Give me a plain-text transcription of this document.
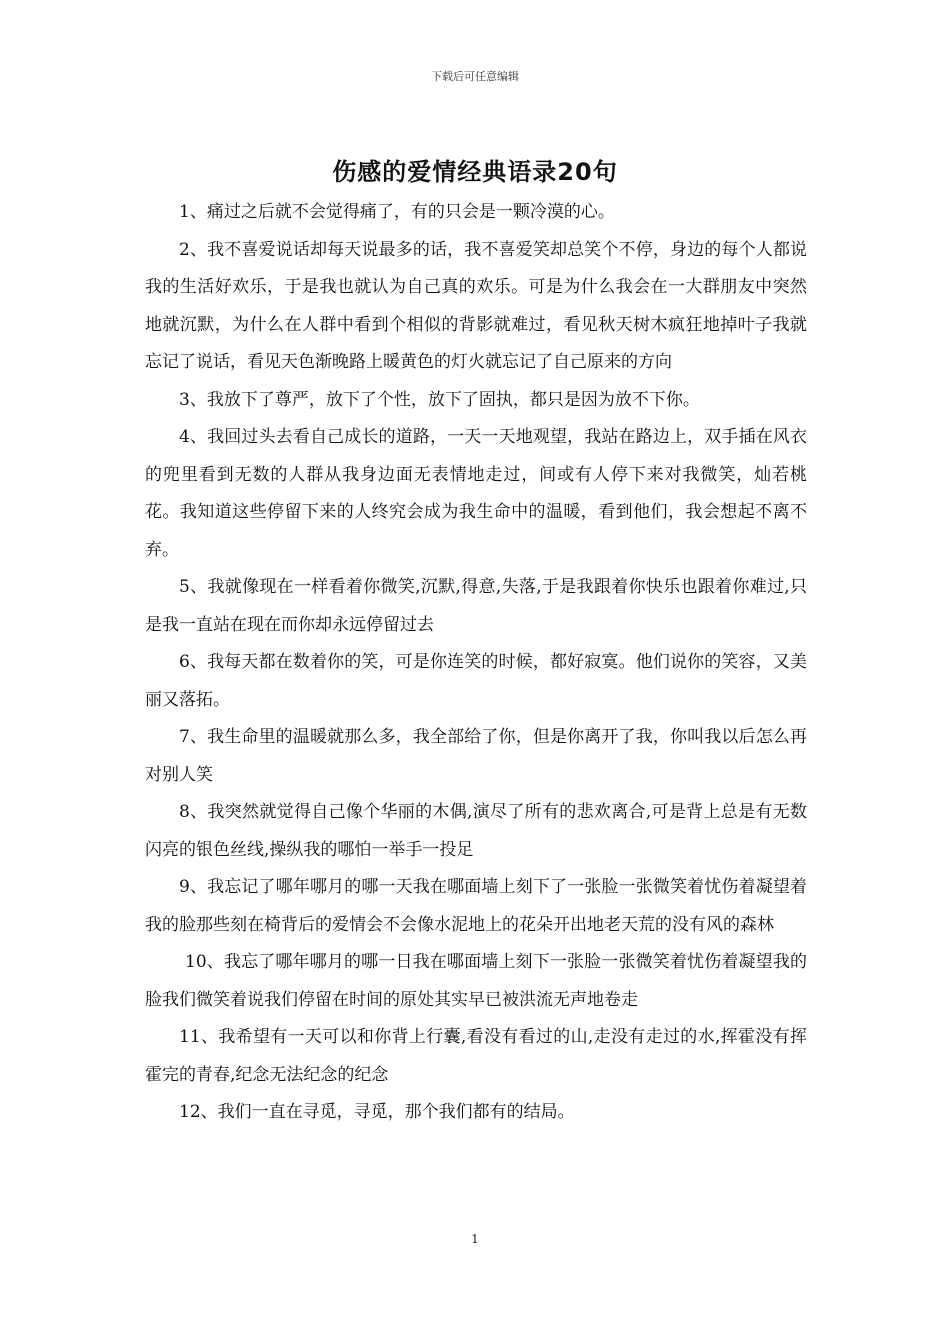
下载后可任意编辑
伤感的爱情经典语录20句

1、痛过之后就不会觉得痛了，有的只会是一颗冷漠的心。

2、我不喜爱说话却每天说最多的话，我不喜爱笑却总笑个不停，身边的每个人都说我的生活好欢乐，于是我也就认为自己真的欢乐。可是为什么我会在一大群朋友中突然地就沉默，为什么在人群中看到个相似的背影就难过，看见秋天树木疯狂地掉叶子我就忘记了说话，看见天色渐晚路上暖黄色的灯火就忘记了自己原来的方向

3、我放下了尊严，放下了个性，放下了固执，都只是因为放不下你。

4、我回过头去看自己成长的道路，一天一天地观望，我站在路边上，双手插在风衣的兜里看到无数的人群从我身边面无表情地走过，间或有人停下来对我微笑，灿若桃花。我知道这些停留下来的人终究会成为我生命中的温暖，看到他们，我会想起不离不弃。

5、我就像现在一样看着你微笑,沉默,得意,失落,于是我跟着你快乐也跟着你难过,只是我一直站在现在而你却永远停留过去

6、我每天都在数着你的笑，可是你连笑的时候，都好寂寞。他们说你的笑容，又美丽又落拓。

7、我生命里的温暖就那么多，我全部给了你，但是你离开了我，你叫我以后怎么再对别人笑

8、我突然就觉得自己像个华丽的木偶,演尽了所有的悲欢离合,可是背上总是有无数闪亮的银色丝线,操纵我的哪怕一举手一投足

9、我忘记了哪年哪月的哪一天我在哪面墙上刻下了一张脸一张微笑着忧伤着凝望着我的脸那些刻在椅背后的爱情会不会像水泥地上的花朵开出地老天荒的没有风的森林

10、我忘了哪年哪月的哪一日我在哪面墙上刻下一张脸一张微笑着忧伤着凝望我的脸我们微笑着说我们停留在时间的原处其实早已被洪流无声地卷走

11、我希望有一天可以和你背上行囊,看没有看过的山,走没有走过的水,挥霍没有挥霍完的青春,纪念无法纪念的纪念

12、我们一直在寻觅，寻觅，那个我们都有的结局。

1
